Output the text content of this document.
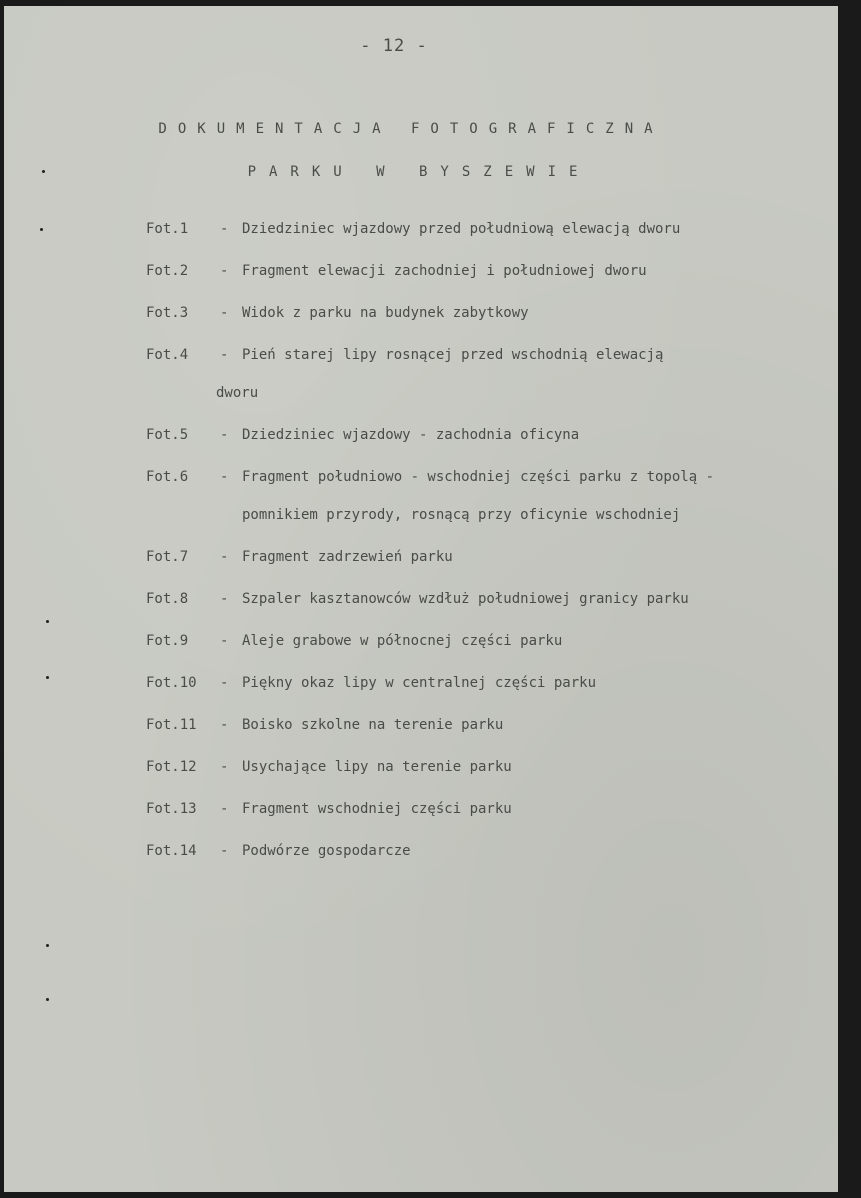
- 12 -
DOKUMENTACJA FOTOGRAFICZNA
PARKU W BYSZEWIE
Fot.1	- Dziedziniec wjazdowy przed południową elewacją dworu
Fot.2	- Fragment elewacji zachodniej i południowej dworu
Fot.3	- Widok z parku na budynek zabytkowy
Fot.4	- Pień starej lipy rosnącej przed wschodnią elewacją
dworu
Fot.5	- Dziedziniec wjazdowy - zachodnia oficyna
Fot.6	- Fragment południowo - wschodniej części parku z topolą -
pomnikiem przyrody, rosnącą przy oficynie wschodniej
Fot.7	- Fragment zadrzewień parku
Fot.8	- Szpaler kasztanowców wzdłuż południowej granicy parku
Fot.9	- Aleje grabowe w północnej części parku
Fot.10	- Piękny okaz lipy w centralnej części parku
Fot.11	- Boisko szkolne na terenie parku
Fot.12	- Usychające lipy na terenie parku
Fot.13	- Fragment wschodniej części parku
Fot.14	- Podwórze gospodarcze
